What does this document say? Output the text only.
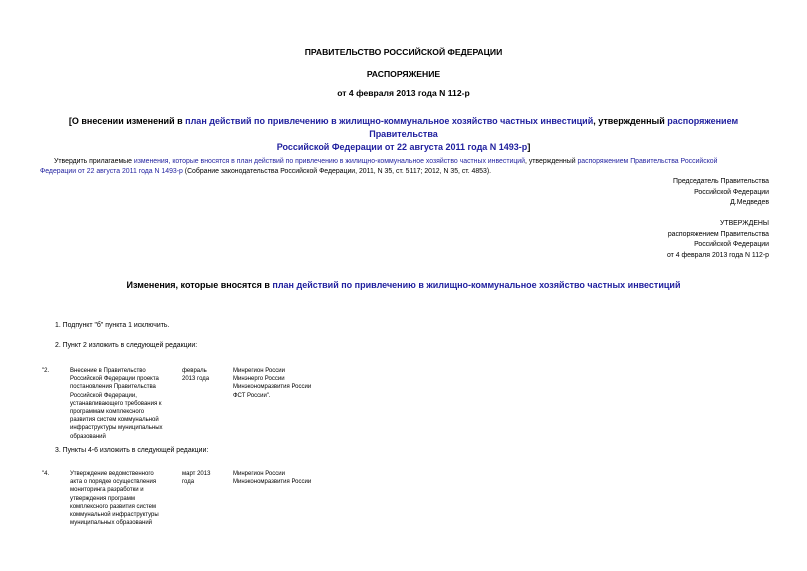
ПРАВИТЕЛЬСТВО РОССИЙСКОЙ ФЕДЕРАЦИИ
РАСПОРЯЖЕНИЕ
от 4 февраля 2013 года N 112-р
[О внесении изменений в план действий по привлечению в жилищно-коммунальное хозяйство частных инвестиций, утвержденный распоряжением Правительства
Российской Федерации от 22 августа 2011 года N 1493-р]
Утвердить прилагаемые изменения, которые вносятся в план действий по привлечению в жилищно-коммунальное хозяйство частных инвестиций, утвержденный распоряжением Правительства Российской
Федерации от 22 августа 2011 года N 1493-р (Собрание законодательства Российской Федерации, 2011, N 35, ст. 5117; 2012, N 35, ст. 4853).
Председатель Правительства
Российской Федерации
Д.Медведев
УТВЕРЖДЕНЫ
распоряжением Правительства
Российской Федерации
от 4 февраля 2013 года N 112-р
Изменения, которые вносятся в план действий по привлечению в жилищно-коммунальное хозяйство частных инвестиций
1. Подпункт "б" пункта 1 исключить.
2. Пункт 2 изложить в следующей редакции:
"2.	Внесение в Правительство
Российской Федерации проекта
постановления Правительства
Российской Федерации,
устанавливающего требования к
программам комплексного
развития систем коммунальной
инфраструктуры муниципальных
образований
февраль
2013 года
Минрегион России
Минэнерго России
Минэкономразвития России
ФСТ России".
3. Пункты 4-6 изложить в следующей редакции:
"4.	Утверждение ведомственного
акта о порядке осуществления
мониторинга разработки и
утверждения программ
комплексного развития систем
коммунальной инфраструктуры
муниципальных образований
март 2013
года
Минрегион России
Минэкономразвития России
